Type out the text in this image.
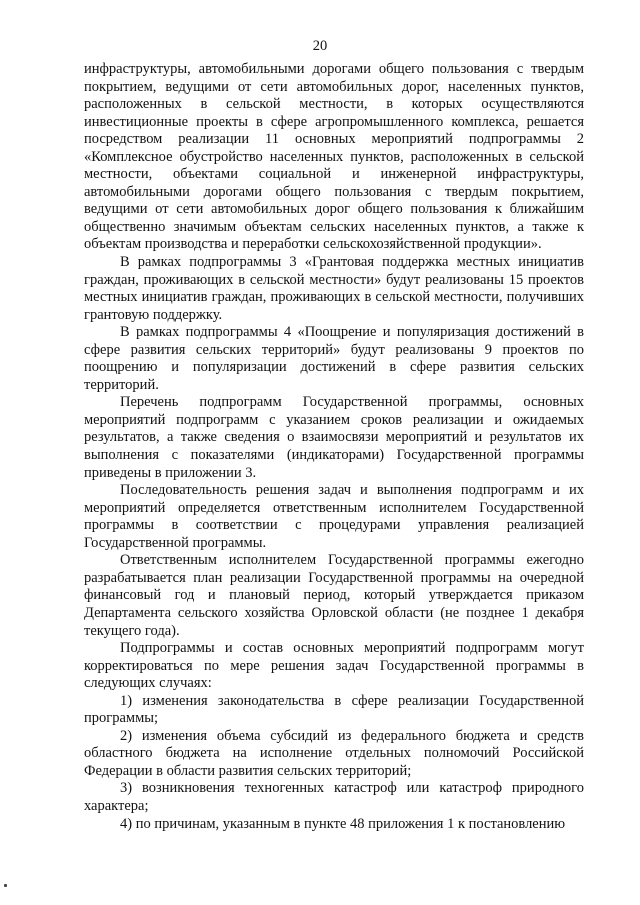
20

инфраструктуры, автомобильными дорогами общего пользования с твердым покрытием, ведущими от сети автомобильных дорог, населенных пунктов, расположенных в сельской местности, в которых осуществляются инвестиционные проекты в сфере агропромышленного комплекса, решается посредством реализации 11 основных мероприятий подпрограммы 2 «Комплексное обустройство населенных пунктов, расположенных в сельской местности, объектами социальной и инженерной инфраструктуры, автомобильными дорогами общего пользования с твердым покрытием, ведущими от сети автомобильных дорог общего пользования к ближайшим общественно значимым объектам сельских населенных пунктов, а также к объектам производства и переработки сельскохозяйственной продукции».

В рамках подпрограммы 3 «Грантовая поддержка местных инициатив граждан, проживающих в сельской местности» будут реализованы 15 проектов местных инициатив граждан, проживающих в сельской местности, получивших грантовую поддержку.

В рамках подпрограммы 4 «Поощрение и популяризация достижений в сфере развития сельских территорий» будут реализованы 9 проектов по поощрению и популяризации достижений в сфере развития сельских территорий.

Перечень подпрограмм Государственной программы, основных мероприятий подпрограмм с указанием сроков реализации и ожидаемых результатов, а также сведения о взаимосвязи мероприятий и результатов их выполнения с показателями (индикаторами) Государственной программы приведены в приложении 3.

Последовательность решения задач и выполнения подпрограмм и их мероприятий определяется ответственным исполнителем Государственной программы в соответствии с процедурами управления реализацией Государственной программы.

Ответственным исполнителем Государственной программы ежегодно разрабатывается план реализации Государственной программы на очередной финансовый год и плановый период, который утверждается приказом Департамента сельского хозяйства Орловской области (не позднее 1 декабря текущего года).

Подпрограммы и состав основных мероприятий подпрограмм могут корректироваться по мере решения задач Государственной программы в следующих случаях:

1) изменения законодательства в сфере реализации Государственной программы;

2) изменения объема субсидий из федерального бюджета и средств областного бюджета на исполнение отдельных полномочий Российской Федерации в области развития сельских территорий;

3) возникновения техногенных катастроф или катастроф природного характера;

4) по причинам, указанным в пункте 48 приложения 1 к постановлению
